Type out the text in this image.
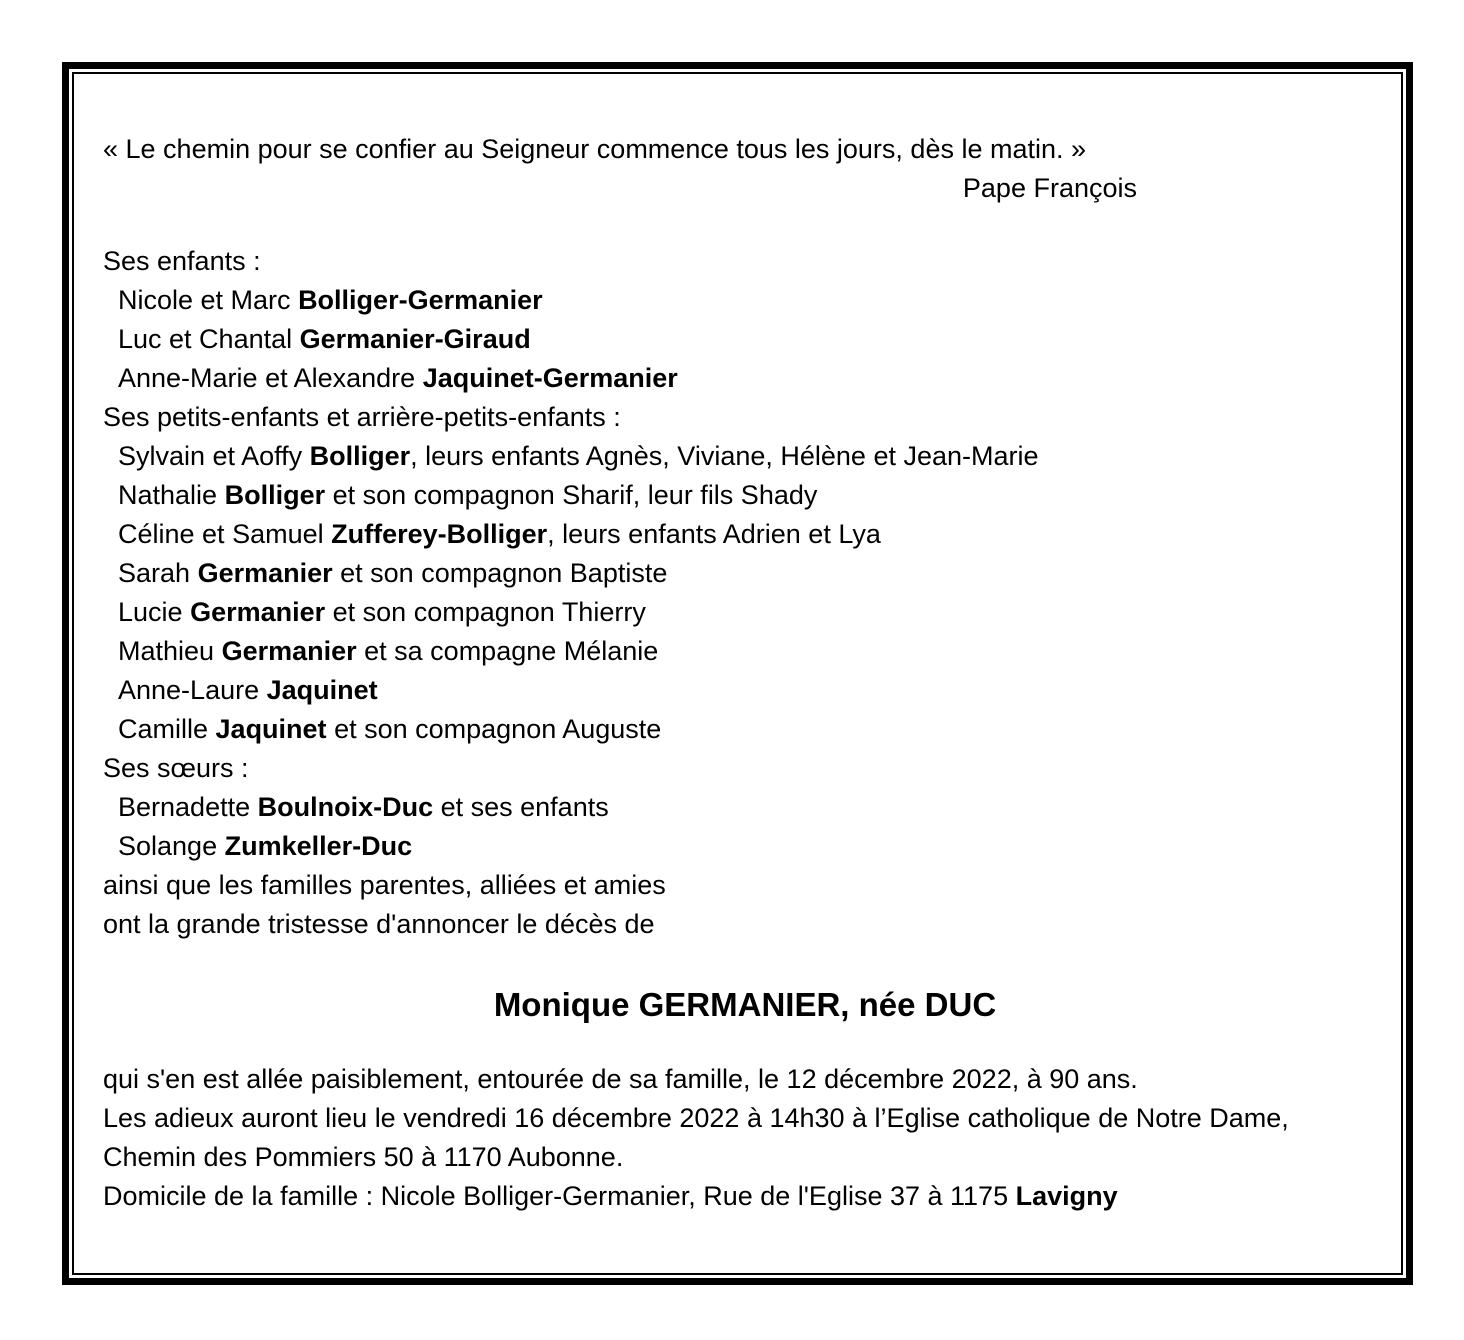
« Le chemin pour se confier au Seigneur commence tous les jours, dès le matin. »

Pape François

Ses enfants :

Nicole et Marc Bolliger-Germanier

Luc et Chantal Germanier-Giraud

Anne-Marie et Alexandre Jaquinet-Germanier

Ses petits-enfants et arrière-petits-enfants :

Sylvain et Aoffy Bolliger, leurs enfants Agnès, Viviane, Hélène et Jean-Marie

Nathalie Bolliger et son compagnon Sharif, leur fils Shady

Céline et Samuel Zufferey-Bolliger, leurs enfants Adrien et Lya

Sarah Germanier et son compagnon Baptiste

Lucie Germanier et son compagnon Thierry

Mathieu Germanier et sa compagne Mélanie

Anne-Laure Jaquinet

Camille Jaquinet et son compagnon Auguste

Ses sœurs :

Bernadette Boulnoix-Duc et ses enfants

Solange Zumkeller-Duc

ainsi que les familles parentes, alliées et amies

ont la grande tristesse d'annoncer le décès de

Monique GERMANIER, née DUC

qui s'en est allée paisiblement, entourée de sa famille, le 12 décembre 2022, à 90 ans.

Les adieux auront lieu le vendredi 16 décembre 2022 à 14h30 à l’Eglise catholique de Notre Dame,

Chemin des Pommiers 50 à 1170 Aubonne.

Domicile de la famille : Nicole Bolliger-Germanier, Rue de l'Eglise 37 à 1175 Lavigny
